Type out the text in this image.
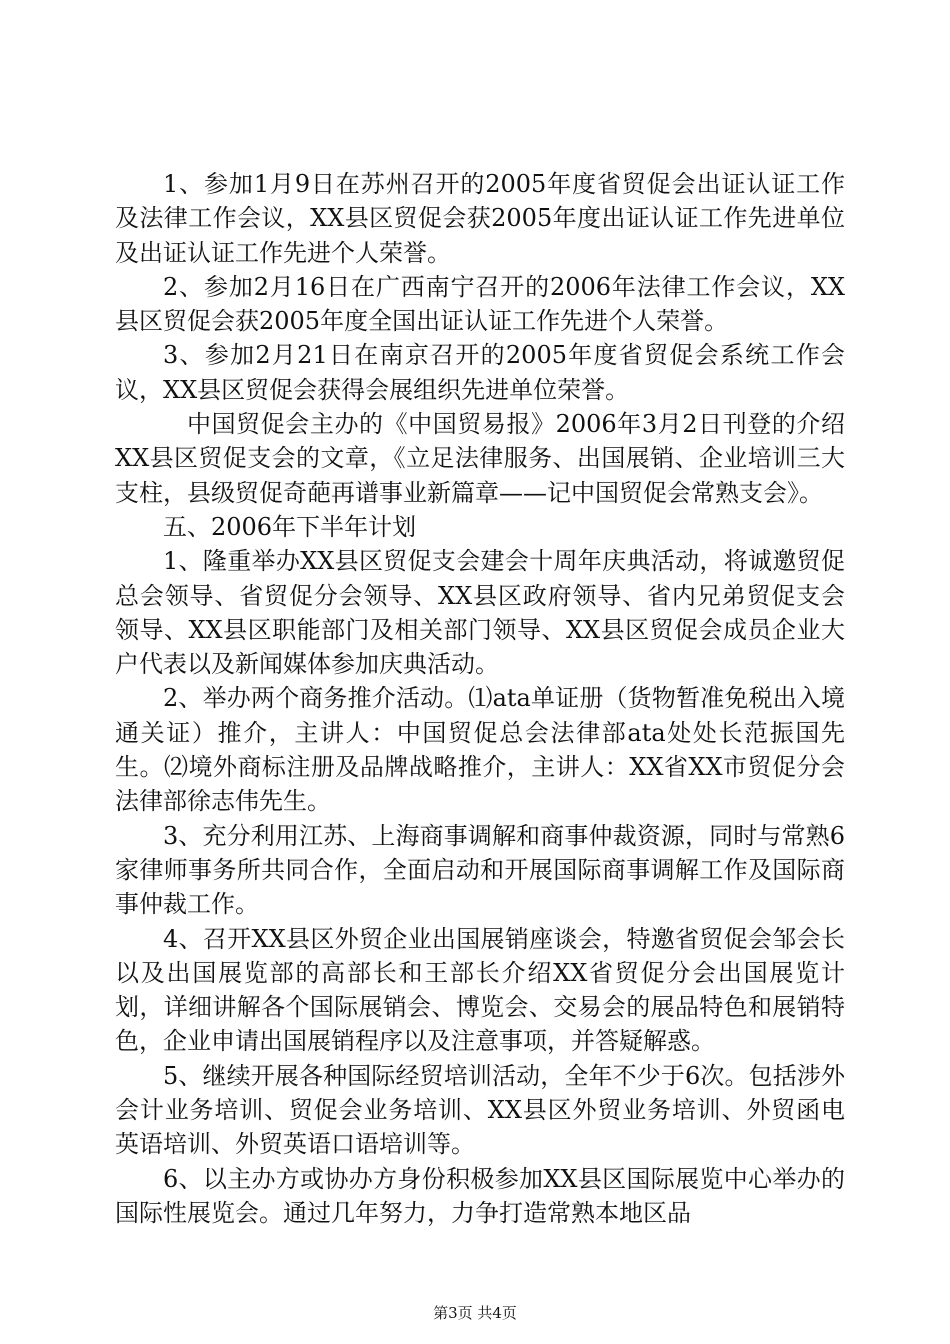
1、参加1月9日在苏州召开的2005年度省贸促会出证认证工作及法律工作会议，XX县区贸促会获2005年度出证认证工作先进单位及出证认证工作先进个人荣誉。

2、参加2月16日在广西南宁召开的2006年法律工作会议，XX县区贸促会获2005年度全国出证认证工作先进个人荣誉。

3、参加2月21日在南京召开的2005年度省贸促会系统工作会议，XX县区贸促会获得会展组织先进单位荣誉。

中国贸促会主办的《中国贸易报》2006年3月2日刊登的介绍XX县区贸促支会的文章，《立足法律服务、出国展销、企业培训三大支柱，县级贸促奇葩再谱事业新篇章——记中国贸促会常熟支会》。

五、2006年下半年计划

1、隆重举办XX县区贸促支会建会十周年庆典活动，将诚邀贸促总会领导、省贸促分会领导、XX县区政府领导、省内兄弟贸促支会领导、XX县区职能部门及相关部门领导、XX县区贸促会成员企业大户代表以及新闻媒体参加庆典活动。

2、举办两个商务推介活动。⑴ata单证册（货物暂准免税出入境通关证）推介，主讲人：中国贸促总会法律部ata处处长范振国先生。⑵境外商标注册及品牌战略推介，主讲人：XX省XX市贸促分会法律部徐志伟先生。

3、充分利用江苏、上海商事调解和商事仲裁资源，同时与常熟6家律师事务所共同合作，全面启动和开展国际商事调解工作及国际商事仲裁工作。

4、召开XX县区外贸企业出国展销座谈会，特邀省贸促会邹会长以及出国展览部的高部长和王部长介绍XX省贸促分会出国展览计划，详细讲解各个国际展销会、博览会、交易会的展品特色和展销特色，企业申请出国展销程序以及注意事项，并答疑解惑。

5、继续开展各种国际经贸培训活动，全年不少于6次。包括涉外会计业务培训、贸促会业务培训、XX县区外贸业务培训、外贸函电英语培训、外贸英语口语培训等。

6、以主办方或协办方身份积极参加XX县区国际展览中心举办的国际性展览会。通过几年努力，力争打造常熟本地区品

第3页 共4页
